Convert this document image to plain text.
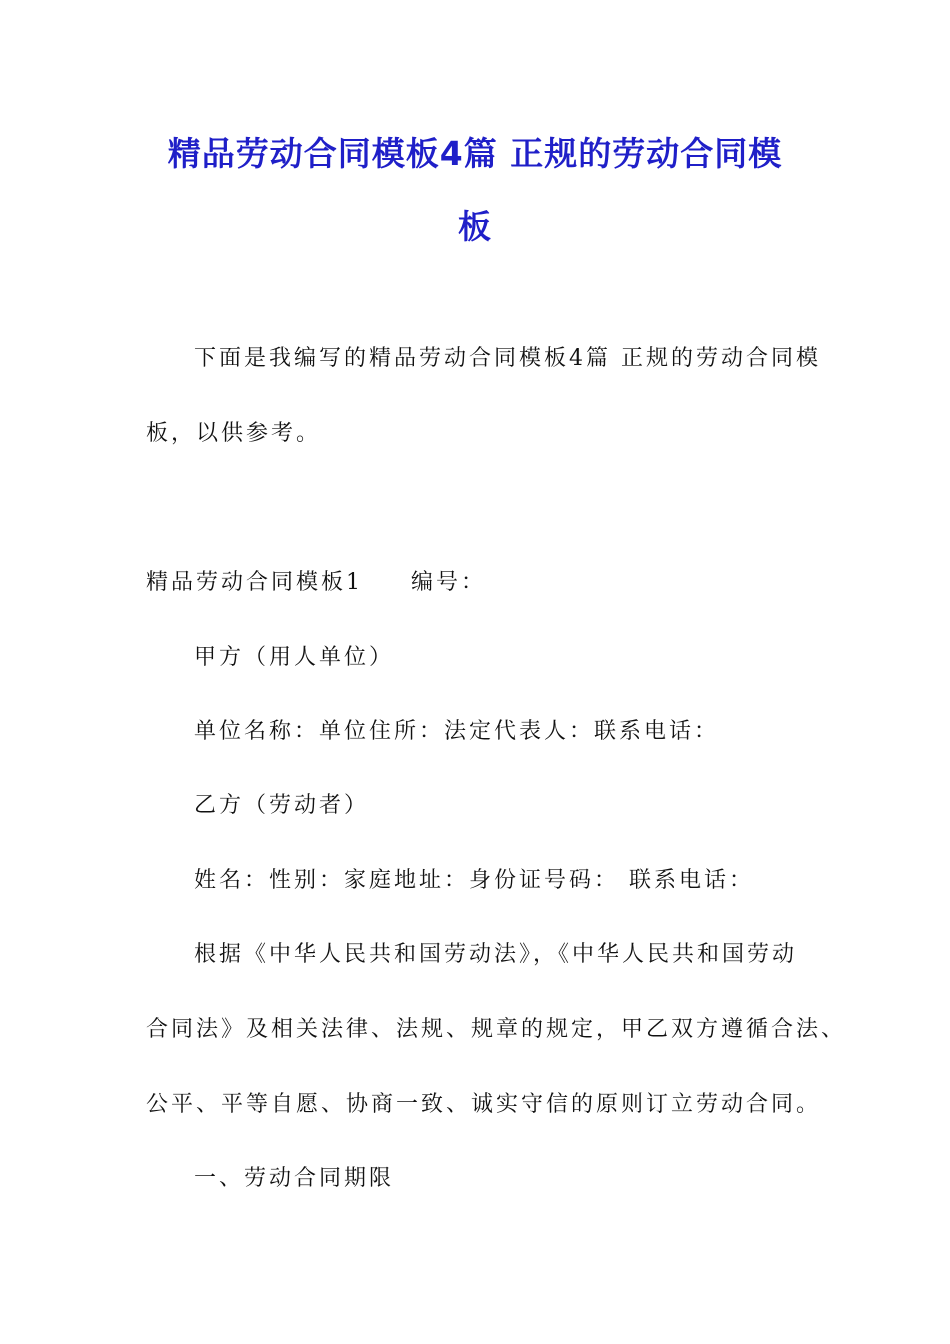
精品劳动合同模板4篇 正规的劳动合同模
板
下面是我编写的精品劳动合同模板4篇 正规的劳动合同模
板，以供参考。
精品劳动合同模板1 编号：
甲方（用人单位）
单位名称：单位住所：法定代表人：联系电话：
乙方（劳动者）
姓名：性别：家庭地址：身份证号码： 联系电话：
根据《中华人民共和国劳动法》，《中华人民共和国劳动
合同法》及相关法律、法规、规章的规定，甲乙双方遵循合法、
公平、平等自愿、协商一致、诚实守信的原则订立劳动合同。
一、劳动合同期限
